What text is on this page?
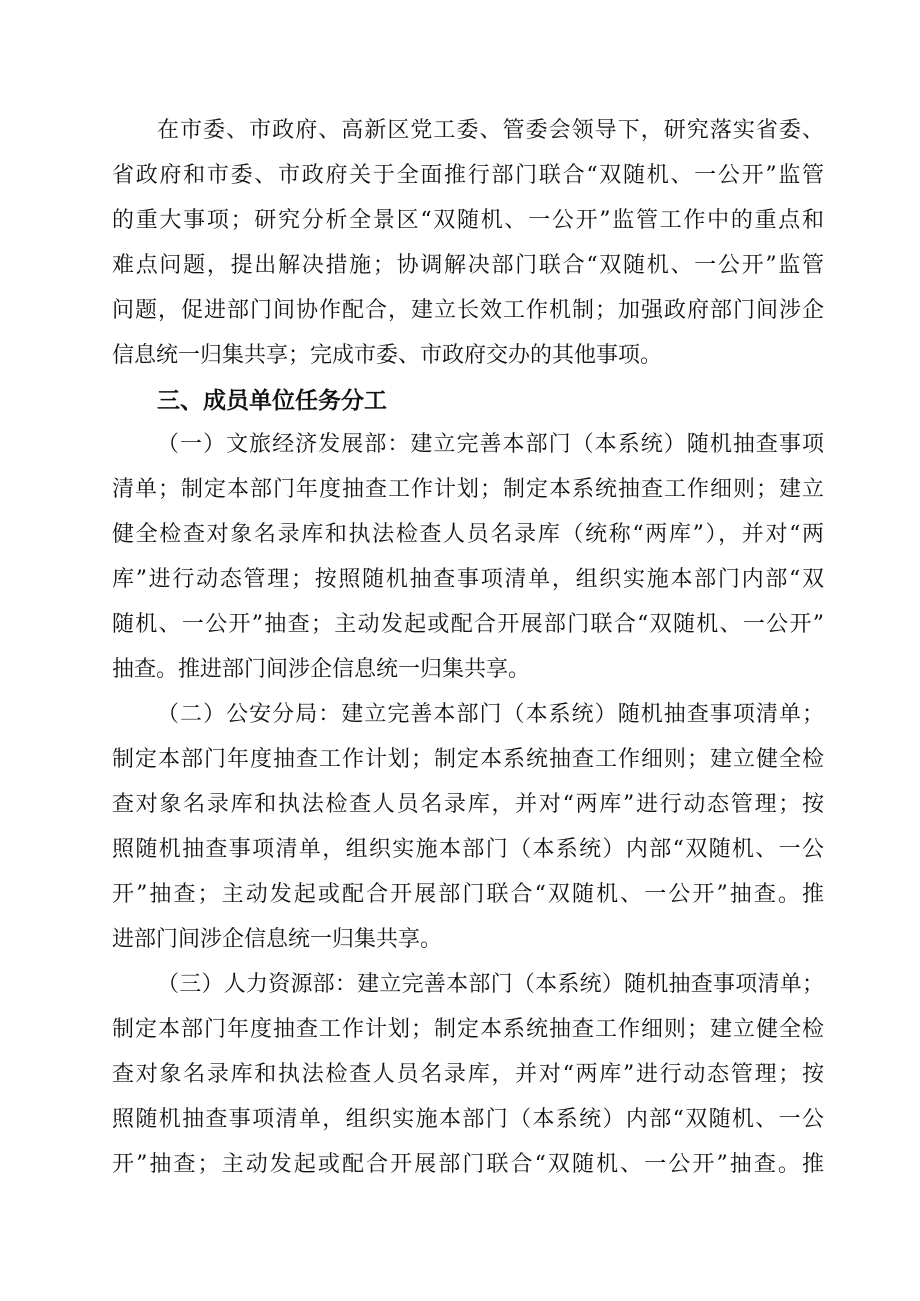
在市委、市政府、高新区党工委、管委会领导下，研究落实省委、
省政府和市委、市政府关于全面推行部门联合“双随机、一公开”监管
的重大事项；研究分析全景区“双随机、一公开”监管工作中的重点和
难点问题，提出解决措施；协调解决部门联合“双随机、一公开”监管
问题，促进部门间协作配合，建立长效工作机制；加强政府部门间涉企
信息统一归集共享；完成市委、市政府交办的其他事项。
三、成员单位任务分工
（一）文旅经济发展部：建立完善本部门（本系统）随机抽查事项
清单；制定本部门年度抽查工作计划；制定本系统抽查工作细则；建立
健全检查对象名录库和执法检查人员名录库（统称“两库”），并对“两
库”进行动态管理；按照随机抽查事项清单，组织实施本部门内部“双
随机、一公开”抽查；主动发起或配合开展部门联合“双随机、一公开”
抽查。推进部门间涉企信息统一归集共享。
（二）公安分局：建立完善本部门（本系统）随机抽查事项清单；
制定本部门年度抽查工作计划；制定本系统抽查工作细则；建立健全检
查对象名录库和执法检查人员名录库，并对“两库”进行动态管理；按
照随机抽查事项清单，组织实施本部门（本系统）内部“双随机、一公
开”抽查；主动发起或配合开展部门联合“双随机、一公开”抽查。推
进部门间涉企信息统一归集共享。
（三）人力资源部：建立完善本部门（本系统）随机抽查事项清单；
制定本部门年度抽查工作计划；制定本系统抽查工作细则；建立健全检
查对象名录库和执法检查人员名录库，并对“两库”进行动态管理；按
照随机抽查事项清单，组织实施本部门（本系统）内部“双随机、一公
开”抽查；主动发起或配合开展部门联合“双随机、一公开”抽查。推
